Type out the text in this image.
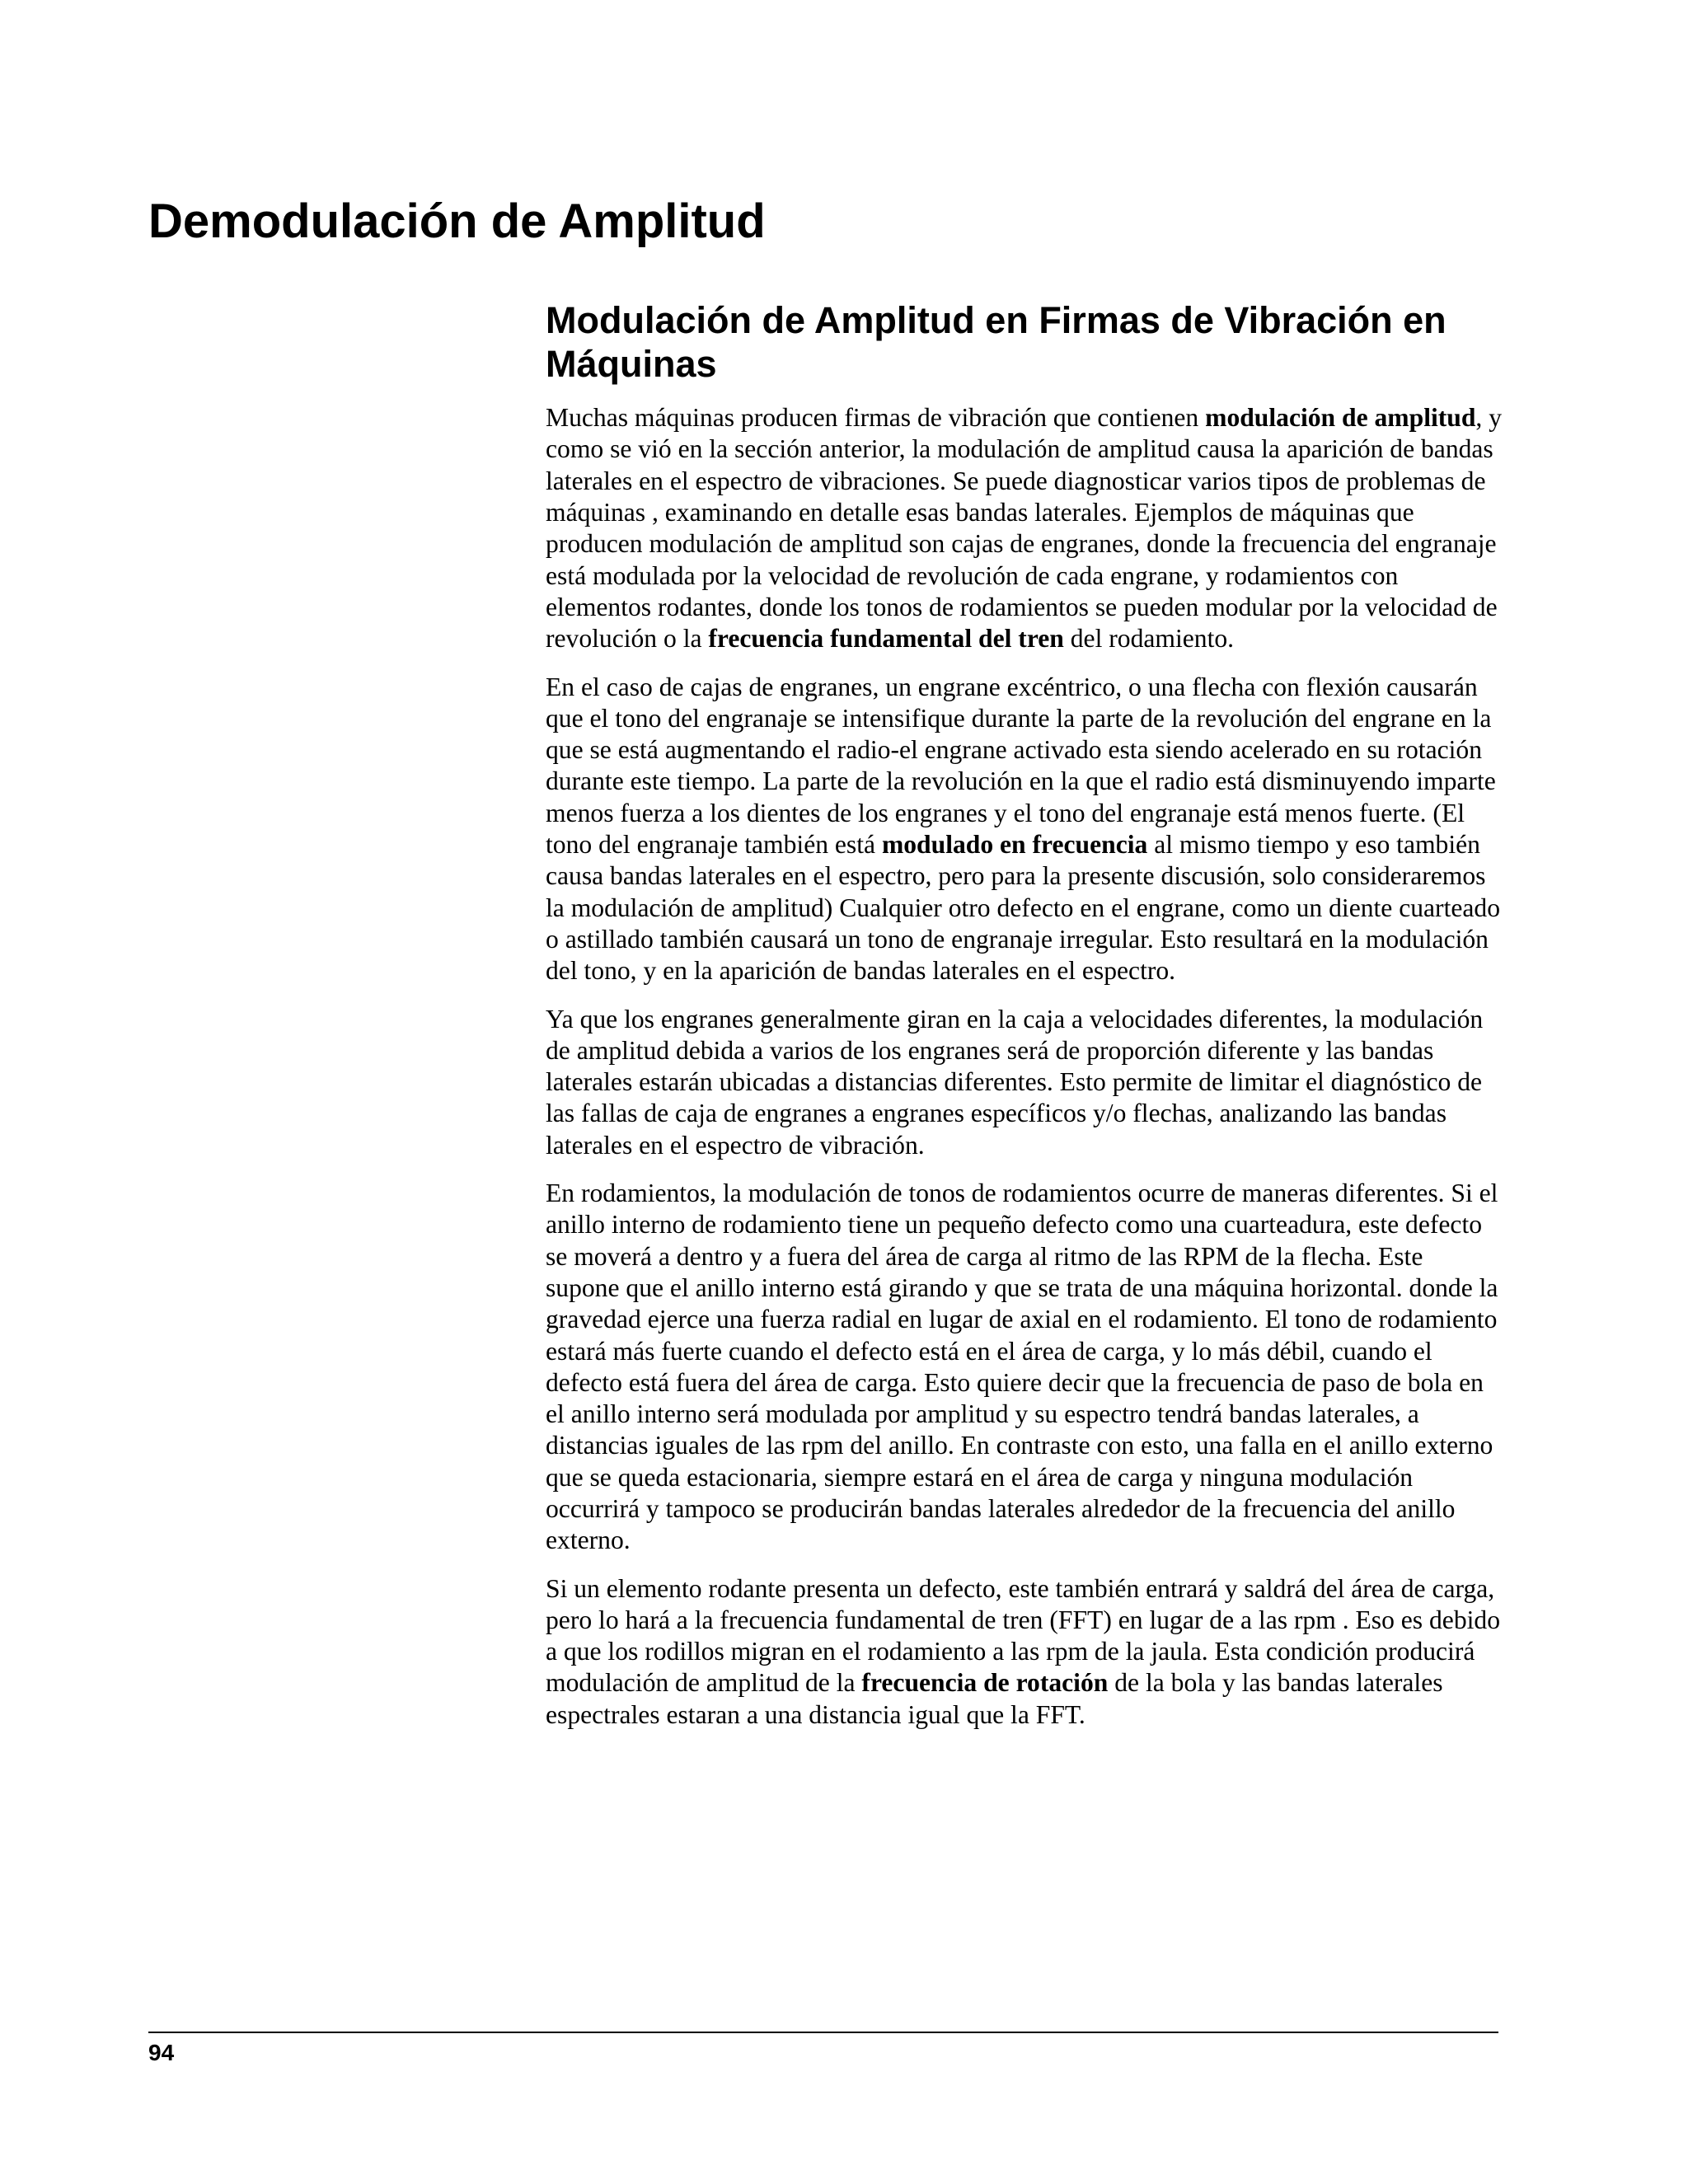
Demodulación de Amplitud
Modulación de Amplitud en Firmas de Vibración en Máquinas

Muchas máquinas producen firmas de vibración que contienen modulación de amplitud, y como se vió en la sección anterior, la modulación de amplitud causa la aparición de bandas laterales en el espectro de vibraciones. Se puede diagnosticar varios tipos de problemas de máquinas , examinando en detalle esas bandas laterales. Ejemplos de máquinas que producen modulación de amplitud son cajas de engranes, donde la frecuencia del engranaje está modulada por la velocidad de revolución de cada engrane, y rodamientos con elementos rodantes, donde los tonos de rodamientos se pueden modular por la velocidad de revolución o la frecuencia fundamental del tren del rodamiento.

En el caso de cajas de engranes, un engrane excéntrico, o una flecha con flexión causarán que el tono del engranaje se intensifique durante la parte de la revolución del engrane en la que se está augmentando el radio-el engrane activado esta siendo acelerado en su rotación durante este tiempo. La parte de la revolución en la que el radio está disminuyendo imparte menos fuerza a los dientes de los engranes y el tono del engranaje está menos fuerte. (El tono del engranaje también está modulado en frecuencia al mismo tiempo y eso también causa bandas laterales en el espectro, pero para la presente discusión, solo consideraremos la modulación de amplitud) Cualquier otro defecto en el engrane, como un diente cuarteado o astillado también causará un tono de engranaje irregular. Esto resultará en la modulación del tono, y en la aparición de bandas laterales en el espectro.

Ya que los engranes generalmente giran en la caja a velocidades diferentes, la modulación de amplitud debida a varios de los engranes será de proporción diferente y las bandas laterales estarán ubicadas a distancias diferentes. Esto permite de limitar el diagnóstico de las fallas de caja de engranes a engranes específicos y/o flechas, analizando las bandas laterales en el espectro de vibración.

En rodamientos, la modulación de tonos de rodamientos ocurre de maneras diferentes. Si el anillo interno de rodamiento tiene un pequeño defecto como una cuarteadura, este defecto se moverá a dentro y a fuera del área de carga al ritmo de las RPM de la flecha. Este supone que el anillo interno está girando y que se trata de una máquina horizontal. donde la gravedad ejerce una fuerza radial en lugar de axial en el rodamiento. El tono de rodamiento estará más fuerte cuando el defecto está en el área de carga, y lo más débil, cuando el defecto está fuera del área de carga. Esto quiere decir que la frecuencia de paso de bola en el anillo interno será modulada por amplitud y su espectro tendrá bandas laterales, a distancias iguales de las rpm del anillo. En contraste con esto, una falla en el anillo externo que se queda estacionaria, siempre estará en el área de carga y ninguna modulación occurrirá y tampoco se producirán bandas laterales alrededor de la frecuencia del anillo externo.

Si un elemento rodante presenta un defecto, este también entrará y saldrá del área de carga, pero lo hará a la frecuencia fundamental de tren (FFT) en lugar de a las rpm . Eso es debido a que los rodillos migran en el rodamiento a las rpm de la jaula. Esta condición producirá modulación de amplitud de la frecuencia de rotación de la bola y las bandas laterales espectrales estaran a una distancia igual que la FFT.

94
